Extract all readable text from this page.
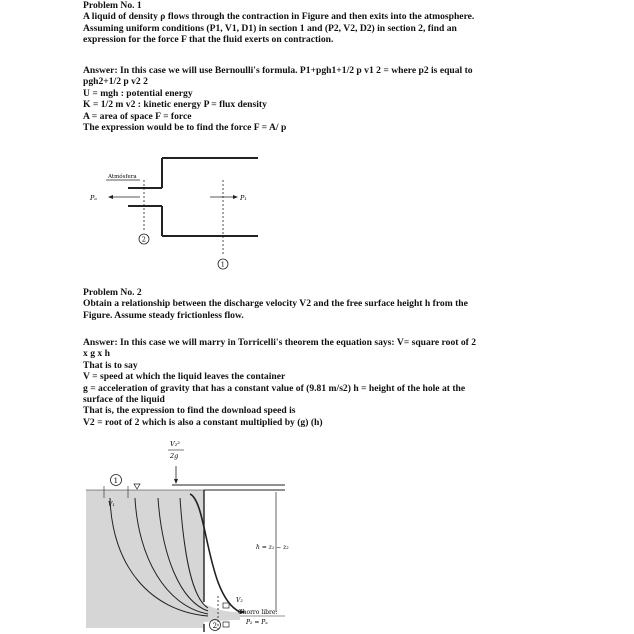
Problem No. 1

A liquid of density ρ flows through the contraction in Figure and then exits into the atmosphere.

Assuming uniform conditions (P1, V1, D1) in section 1 and (P2, V2, D2) in section 2, find an

expression for the force F that the fluid exerts on contraction.

Answer: In this case we will use Bernoulli's formula. P1+pgh1+1/2 p v1 2 = where p2 is equal to

pgh2+1/2 p v2 2

U = mgh : potential energy

K = 1/2 m v2 : kinetic energy P = flux density

A = area of space F = force

The expression would be to find the force F = A/ p

Atmósfera
Pₐ	P₁
2
1

Problem No. 2

Obtain a relationship between the discharge velocity V2 and the free surface height h from the

Figure. Assume steady frictionless flow.

Answer: In this case we will marry in Torricelli's theorem the equation says: V= square root of 2

x g x h

That is to say

V = speed at which the liquid leaves the container

g = acceleration of gravity that has a constant value of (9.81 m/s2) h = height of the hole at the

surface of the liquid

That is, the expression to find the download speed is

V2 = root of 2 which is also a constant multiplied by (g) (h)

V₂²
2g
1
2
V₁
V₂
h = z₁ − z₂
Chorro libre:
P₂ = Pₐ
